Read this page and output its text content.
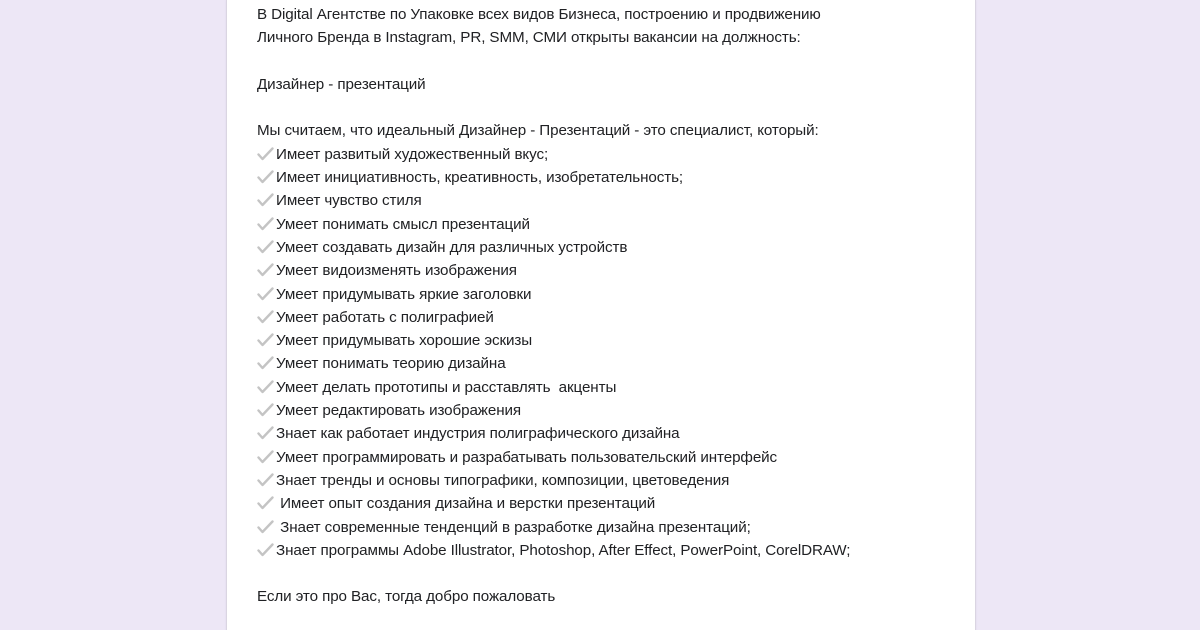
В Digital Агентстве по Упаковке всех видов Бизнеса, построению и продвижению
Личного Бренда в Instagram, PR, SMM, СМИ открыты вакансии на должность:
Дизайнер - презентаций
Мы считаем, что идеальный Дизайнер - Презентаций - это специалист, который:
Имеет развитый художественный вкус;
Имеет инициативность, креативность, изобретательность;
Имеет чувство стиля
Умеет понимать смысл презентаций
Умеет создавать дизайн для различных устройств
Умеет видоизменять изображения
Умеет придумывать яркие заголовки
Умеет работать с полиграфией
Умеет придумывать хорошие эскизы
Умеет понимать теорию дизайна
Умеет делать прототипы и расставлять  акценты
Умеет редактировать изображения
Знает как работает индустрия полиграфического дизайна
Умеет программировать и разрабатывать пользовательский интерфейс
Знает тренды и основы типографики, композиции, цветоведения
Имеет опыт создания дизайна и верстки презентаций
Знает современные тенденций в разработке дизайна презентаций;
Знает программы Adobe Illustrator, Photoshop, After Effect, PowerPoint, CorelDRAW;
Если это про Вас, тогда добро пожаловать
